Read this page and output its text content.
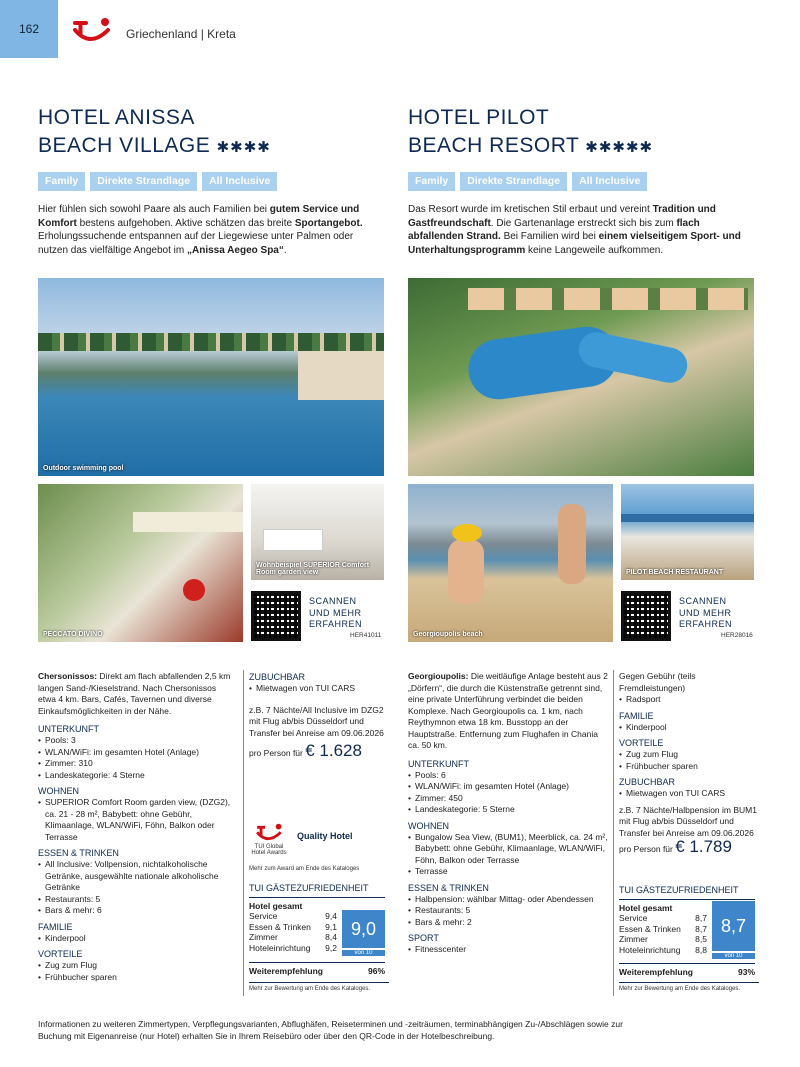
162	Griechenland | Kreta
HOTEL ANISSA
BEACH VILLAGE ✱✱✱✱
Family Direkte Strandlage All Inclusive
Hier fühlen sich sowohl Paare als auch Familien bei gutem Service und Komfort bestens aufgehoben. Aktive schätzen das breite Sportangebot. Erholungssuchende entspannen auf der Liegewiese unter Palmen oder nutzen das vielfältige Angebot im „Anissa Aegeo Spa“.
Outdoor swimming pool
PECCATO DIVINO
Wohnbeispiel SUPERIOR Comfort Room garden view
SCANNEN
UND MEHR
ERFAHREN
HER41011
Chersonissos: Direkt am flach abfallenden 2,5 km langen Sand-/Kieselstrand. Nach Chersonissos etwa 4 km. Bars, Cafés, Tavernen und diverse Einkaufsmöglichkeiten in der Nähe.
UNTERKUNFT
• Pools: 3
• WLAN/WiFi: im gesamten Hotel (Anlage)
• Zimmer: 310
• Landeskategorie: 4 Sterne
WOHNEN
• SUPERIOR Comfort Room garden view, (DZG2), ca. 21 - 28 m², Babybett: ohne Gebühr, Klimaanlage, WLAN/WiFi, Föhn, Balkon oder Terrasse
ESSEN & TRINKEN
• All Inclusive: Vollpension, nichtalkoholische Getränke, ausgewählte nationale alkoholische Getränke
• Restaurants: 5
• Bars & mehr: 6
FAMILIE
• Kinderpool
VORTEILE
• Zug zum Flug
• Frühbucher sparen
ZUBUCHBAR
• Mietwagen von TUI CARS
z.B. 7 Nächte/All Inclusive im DZG2 mit Flug ab/bis Düsseldorf und Transfer bei Anreise am 09.06.2026
pro Person für € 1.628
Quality Hotel
TUI Global Hotel Awards
Mehr zum Award am Ende des Kataloges
TUI GÄSTEZUFRIEDENHEIT
Hotel gesamt
Service	9,4
Essen & Trinken	9,1
Zimmer	8,4
Hoteleinrichtung	9,2
9,0
von 10
Weiterempfehlung	96%
Mehr zur Bewertung am Ende des Kataloges.
HOTEL PILOT
BEACH RESORT ✱✱✱✱✱
Family Direkte Strandlage All Inclusive
Das Resort wurde im kretischen Stil erbaut und vereint Tradition und Gastfreundschaft. Die Gartenanlage erstreckt sich bis zum flach abfallenden Strand. Bei Familien wird bei einem vielseitigem Sport- und Unterhaltungsprogramm keine Langeweile aufkommen.
Georgioupolis beach
PILOT BEACH RESTAURANT
SCANNEN
UND MEHR
ERFAHREN
HER28016
Georgioupolis: Die weitläufige Anlage besteht aus 2 „Dörfern“, die durch die Küstenstraße getrennt sind, eine private Unterführung verbindet die beiden Komplexe. Nach Georgioupolis ca. 1 km, nach Reythymnon etwa 18 km. Busstopp an der Hauptstraße. Entfernung zum Flughafen in Chania ca. 50 km.
UNTERKUNFT
• Pools: 6
• WLAN/WiFi: im gesamten Hotel (Anlage)
• Zimmer: 450
• Landeskategorie: 5 Sterne
WOHNEN
• Bungalow Sea View, (BUM1), Meerblick, ca. 24 m², Babybett: ohne Gebühr, Klimaanlage, WLAN/WiFi, Föhn, Balkon oder Terrasse
• Terrasse
ESSEN & TRINKEN
• Halbpension: wählbar Mittag- oder Abendessen
• Restaurants: 5
• Bars & mehr: 2
SPORT
• Fitnesscenter
Gegen Gebühr (teils Fremdleistungen)
• Radsport
FAMILIE
• Kinderpool
VORTEILE
• Zug zum Flug
• Frühbucher sparen
ZUBUCHBAR
• Mietwagen von TUI CARS
z.B. 7 Nächte/Halbpension im BUM1 mit Flug ab/bis Düsseldorf und Transfer bei Anreise am 09.06.2026
pro Person für € 1.789
TUI GÄSTEZUFRIEDENHEIT
Hotel gesamt
Service	8,7
Essen & Trinken	8,7
Zimmer	8,5
Hoteleinrichtung	8,8
8,7
von 10
Weiterempfehlung	93%
Mehr zur Bewertung am Ende des Kataloges.
Informationen zu weiteren Zimmertypen, Verpflegungsvarianten, Abflughäfen, Reiseterminen und -zeiträumen, terminabhängigen Zu-/Abschlägen sowie zur Buchung mit Eigenanreise (nur Hotel) erhalten Sie in Ihrem Reisebüro oder über den QR-Code in der Hotelbeschreibung.
